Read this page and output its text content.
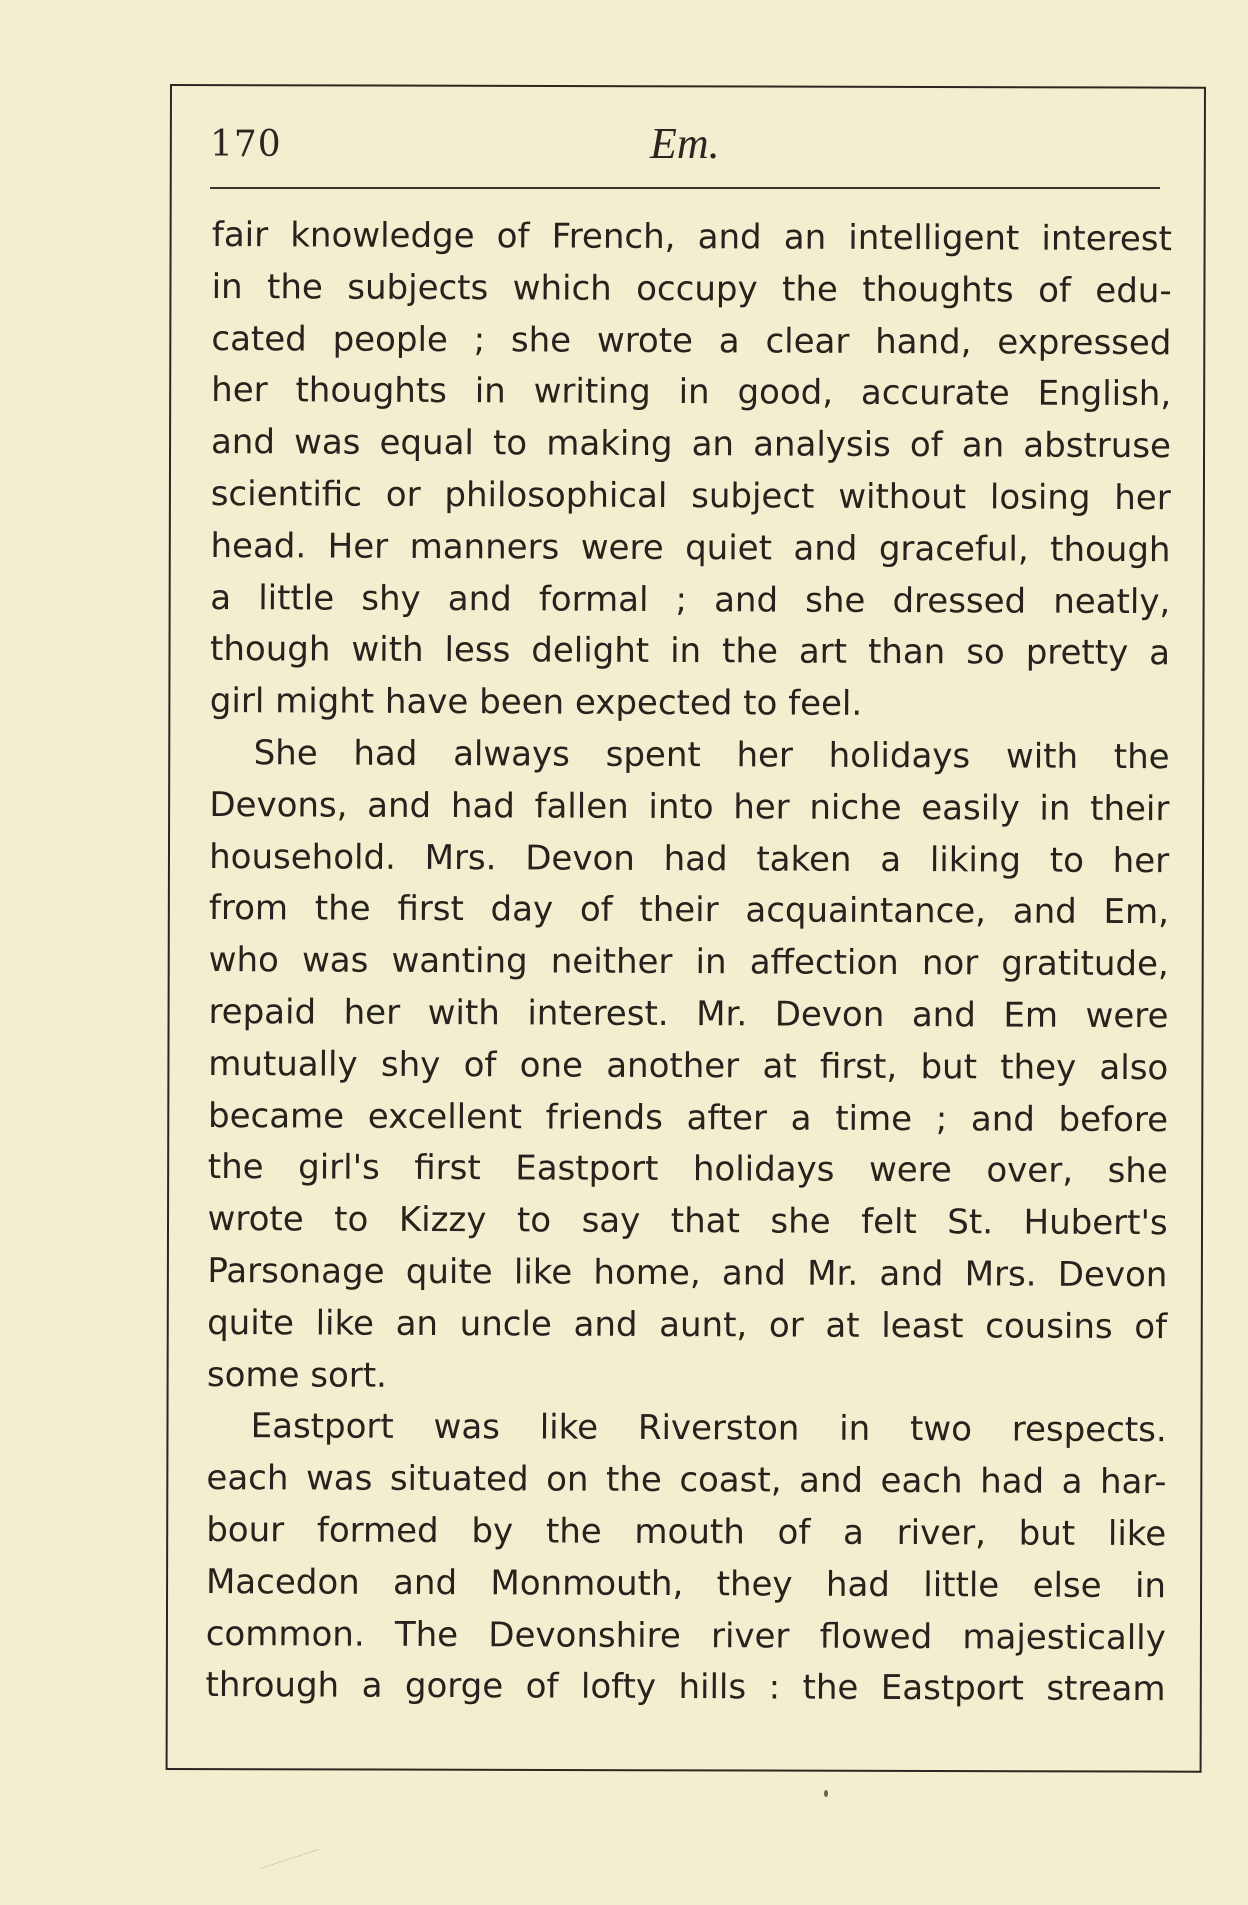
170	Em.
fair knowledge of French, and an intelligent interest
in the subjects which occupy the thoughts of edu-
cated people ; she wrote a clear hand, expressed
her thoughts in writing in good, accurate English,
and was equal to making an analysis of an abstruse
scientific or philosophical subject without losing her
head. Her manners were quiet and graceful, though
a little shy and formal ; and she dressed neatly,
though with less delight in the art than so pretty a
girl might have been expected to feel.
She had always spent her holidays with the
Devons, and had fallen into her niche easily in their
household. Mrs. Devon had taken a liking to her
from the first day of their acquaintance, and Em,
who was wanting neither in affection nor gratitude,
repaid her with interest. Mr. Devon and Em were
mutually shy of one another at first, but they also
became excellent friends after a time ; and before
the girl's first Eastport holidays were over, she
wrote to Kizzy to say that she felt St. Hubert's
Parsonage quite like home, and Mr. and Mrs. Devon
quite like an uncle and aunt, or at least cousins of
some sort.
Eastport was like Riverston in two respects.
each was situated on the coast, and each had a har-
bour formed by the mouth of a river, but like
Macedon and Monmouth, they had little else in
common. The Devonshire river flowed majestically
through a gorge of lofty hills : the Eastport stream
